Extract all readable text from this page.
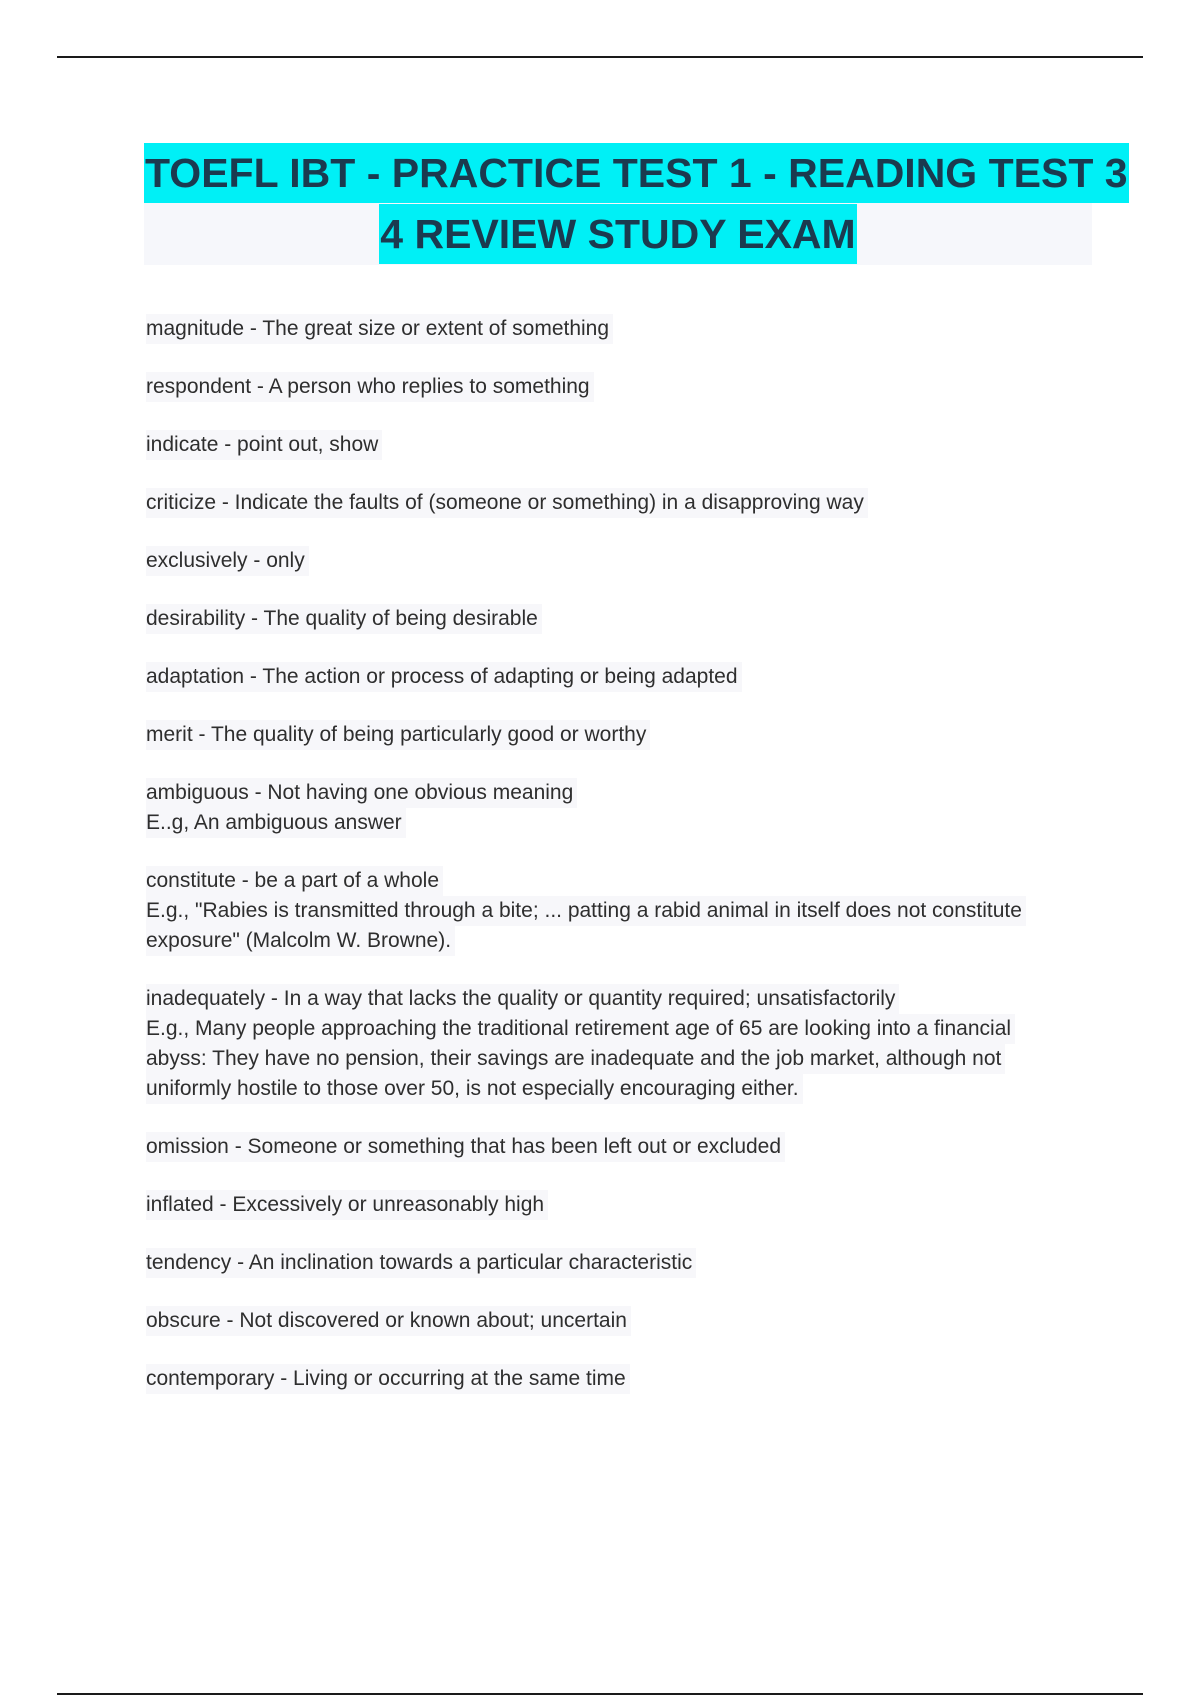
TOEFL IBT - PRACTICE TEST 1 - READING TEST 3
4 REVIEW STUDY EXAM
magnitude - The great size or extent of something
respondent - A person who replies to something
indicate - point out, show
criticize - Indicate the faults of (someone or something) in a disapproving way
exclusively - only
desirability - The quality of being desirable
adaptation - The action or process of adapting or being adapted
merit - The quality of being particularly good or worthy
ambiguous - Not having one obvious meaning
E..g, An ambiguous answer
constitute - be a part of a whole
E.g., "Rabies is transmitted through a bite; ... patting a rabid animal in itself does not constituteexposure" (Malcolm W. Browne).
inadequately - In a way that lacks the quality or quantity required; unsatisfactorily
E.g., Many people approaching the traditional retirement age of 65 are looking into a financialabyss: They have no pension, their savings are inadequate and the job market, although notuniformly hostile to those over 50, is not especially encouraging either.
omission - Someone or something that has been left out or excluded
inflated - Excessively or unreasonably high
tendency - An inclination towards a particular characteristic
obscure - Not discovered or known about; uncertain
contemporary - Living or occurring at the same time
